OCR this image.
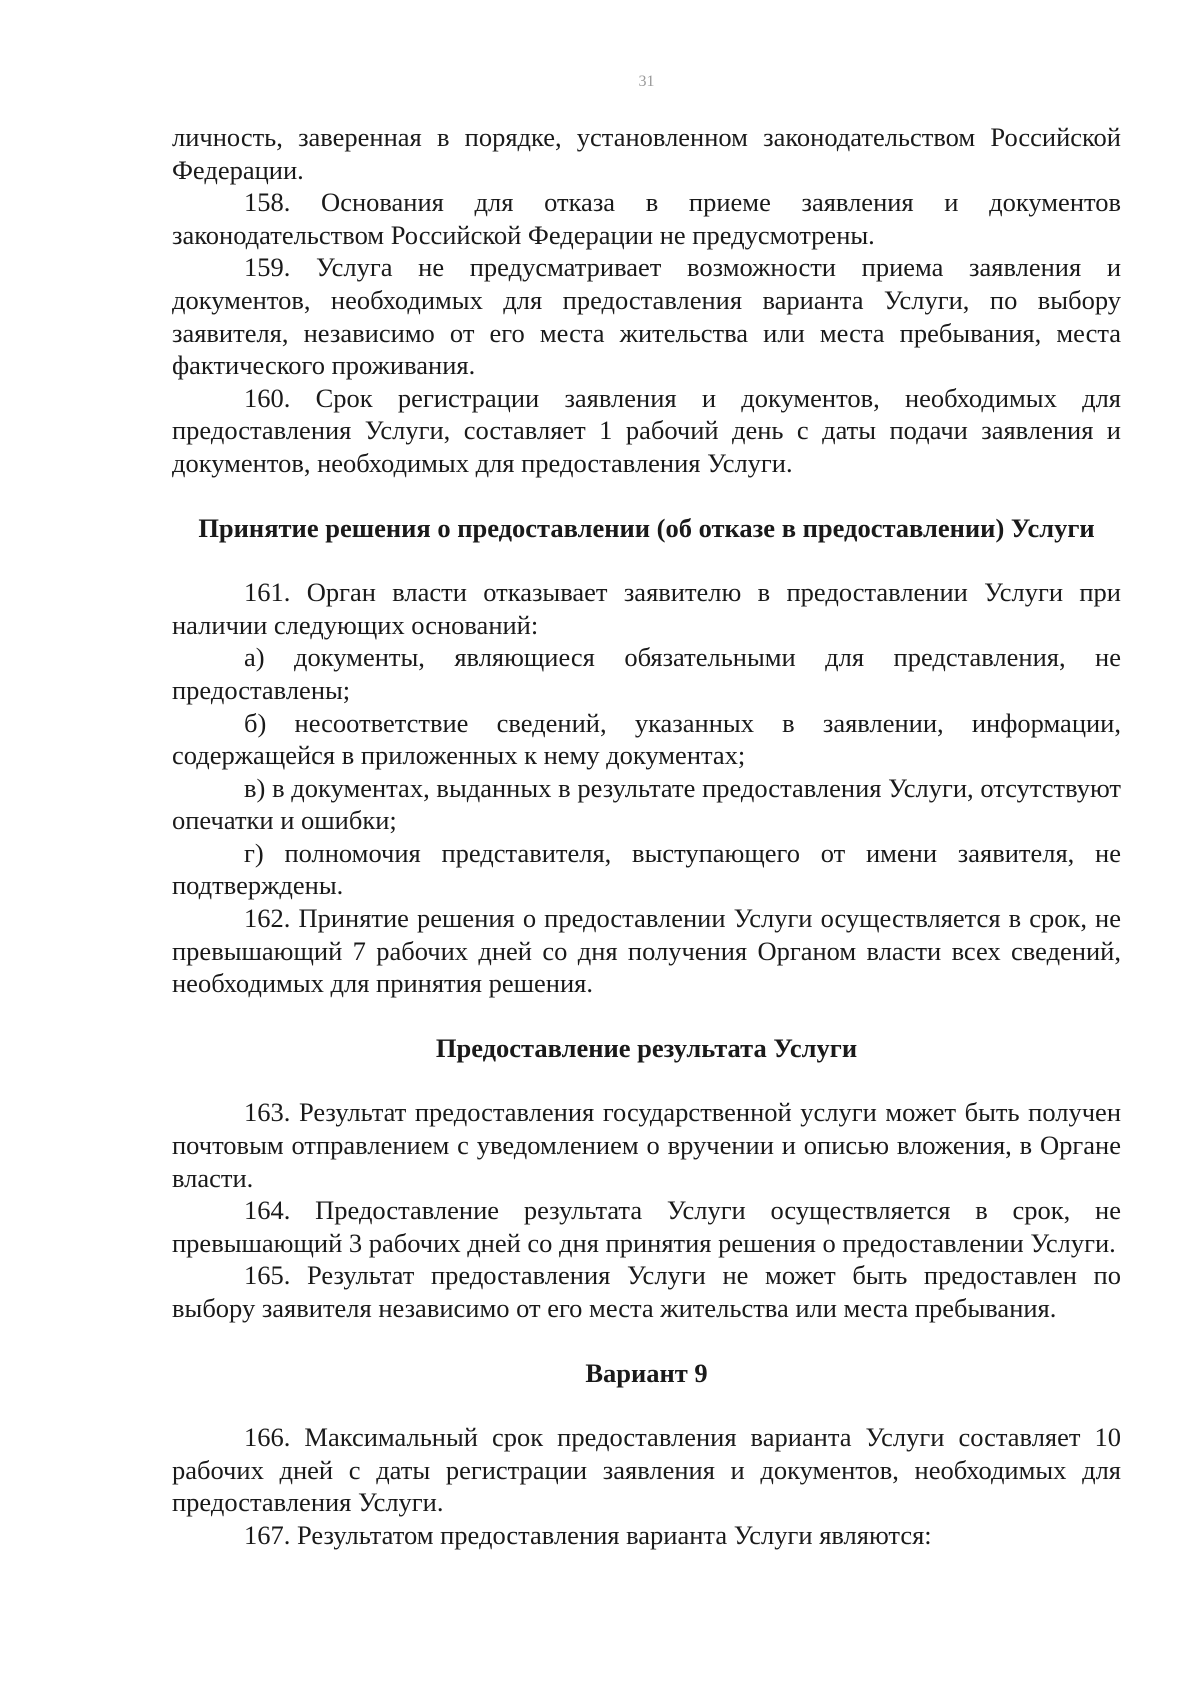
31

личность, заверенная в порядке, установленном законодательством Российской Федерации.

158. Основания для отказа в приеме заявления и документов законодательством Российской Федерации не предусмотрены.

159. Услуга не предусматривает возможности приема заявления и документов, необходимых для предоставления варианта Услуги, по выбору заявителя, независимо от его места жительства или места пребывания, места фактического проживания.

160. Срок регистрации заявления и документов, необходимых для предоставления Услуги, составляет 1 рабочий день с даты подачи заявления и документов, необходимых для предоставления Услуги.

Принятие решения о предоставлении (об отказе в предоставлении) Услуги

161. Орган власти отказывает заявителю в предоставлении Услуги при наличии следующих оснований:

а) документы, являющиеся обязательными для представления, не предоставлены;

б) несоответствие сведений, указанных в заявлении, информации, содержащейся в приложенных к нему документах;

в) в документах, выданных в результате предоставления Услуги, отсутствуют опечатки и ошибки;

г) полномочия представителя, выступающего от имени заявителя, не подтверждены.

162. Принятие решения о предоставлении Услуги осуществляется в срок, не превышающий 7 рабочих дней со дня получения Органом власти всех сведений, необходимых для принятия решения.

Предоставление результата Услуги

163. Результат предоставления государственной услуги может быть получен почтовым отправлением с уведомлением о вручении и описью вложения, в Органе власти.

164. Предоставление результата Услуги осуществляется в срок, не превышающий 3 рабочих дней со дня принятия решения о предоставлении Услуги.

165. Результат предоставления Услуги не может быть предоставлен по выбору заявителя независимо от его места жительства или места пребывания.

Вариант 9

166. Максимальный срок предоставления варианта Услуги составляет 10 рабочих дней с даты регистрации заявления и документов, необходимых для предоставления Услуги.

167. Результатом предоставления варианта Услуги являются:
